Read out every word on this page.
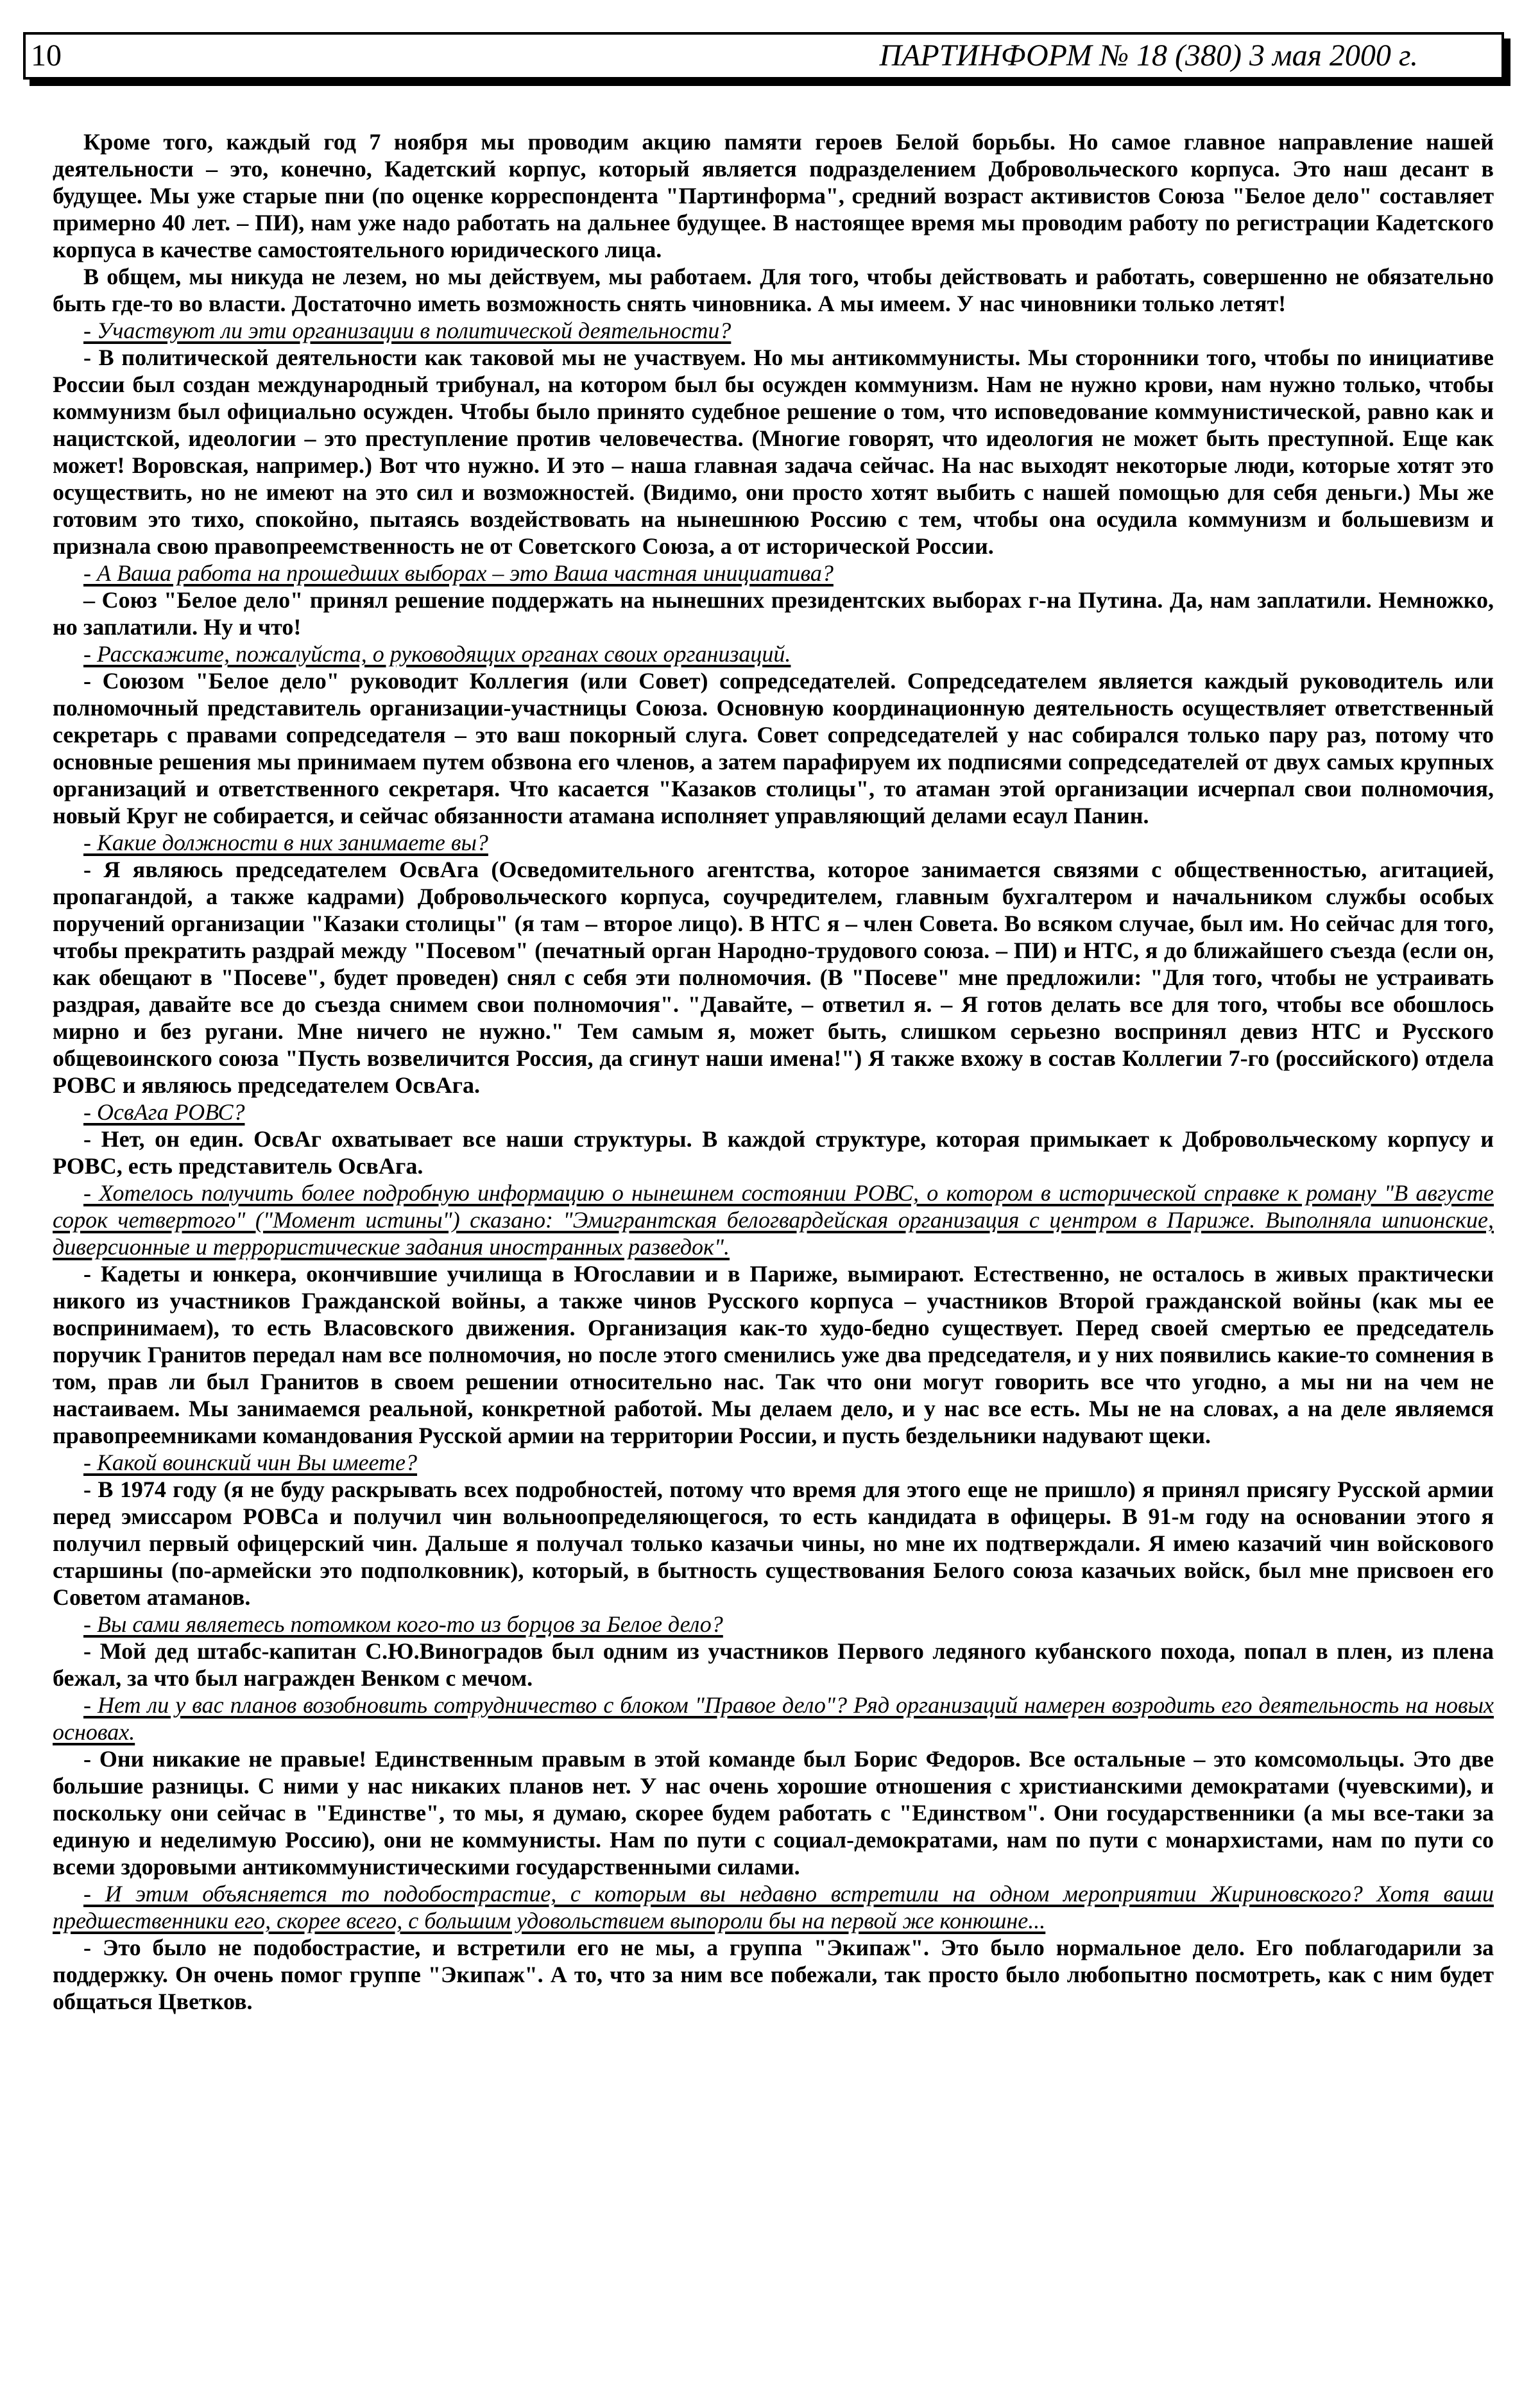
10	ПАРТИНФОРМ № 18 (380) 3 мая 2000 г.

Кроме того, каждый год 7 ноября мы проводим акцию памяти героев Белой борьбы. Но самое главное направление нашей деятельности – это, конечно, Кадетский корпус, который является подразделением Добровольческого корпуса. Это наш десант в будущее. Мы уже старые пни (по оценке корреспондента "Партинформа", средний возраст активистов Союза "Белое дело" составляет примерно 40 лет. – ПИ), нам уже надо работать на дальнее будущее. В настоящее время мы проводим работу по регистрации Кадетского корпуса в качестве самостоятельного юридического лица.

В общем, мы никуда не лезем, но мы действуем, мы работаем. Для того, чтобы действовать и работать, совершенно не обязательно быть где-то во власти. Достаточно иметь возможность снять чиновника. А мы имеем. У нас чиновники только летят!

- Участвуют ли эти организации в политической деятельности?

- В политической деятельности как таковой мы не участвуем. Но мы антикоммунисты. Мы сторонники того, чтобы по инициативе России был создан международный трибунал, на котором был бы осужден коммунизм. Нам не нужно крови, нам нужно только, чтобы коммунизм был официально осужден. Чтобы было принято судебное решение о том, что исповедование коммунистической, равно как и нацистской, идеологии – это преступление против человечества. (Многие говорят, что идеология не может быть преступной. Еще как может! Воровская, например.) Вот что нужно. И это – наша главная задача сейчас. На нас выходят некоторые люди, которые хотят это осуществить, но не имеют на это сил и возможностей. (Видимо, они просто хотят выбить с нашей помощью для себя деньги.) Мы же готовим это тихо, спокойно, пытаясь воздействовать на нынешнюю Россию с тем, чтобы она осудила коммунизм и большевизм и признала свою правопреемственность не от Советского Союза, а от исторической России.

- А Ваша работа на прошедших выборах – это Ваша частная инициатива?

– Союз "Белое дело" принял решение поддержать на нынешних президентских выборах г-на Путина. Да, нам заплатили. Немножко, но заплатили. Ну и что!

- Расскажите, пожалуйста, о руководящих органах своих организаций.

- Союзом "Белое дело" руководит Коллегия (или Совет) сопредседателей. Сопредседателем является каждый руководитель или полномочный представитель организации-участницы Союза. Основную координационную деятельность осуществляет ответственный секретарь с правами сопредседателя – это ваш покорный слуга. Совет сопредседателей у нас собирался только пару раз, потому что основные решения мы принимаем путем обзвона его членов, а затем парафируем их подписями сопредседателей от двух самых крупных организаций и ответственного секретаря. Что касается "Казаков столицы", то атаман этой организации исчерпал свои полномочия, новый Круг не собирается, и сейчас обязанности атамана исполняет управляющий делами есаул Панин.

- Какие должности в них занимаете вы?

- Я являюсь председателем ОсвАга (Осведомительного агентства, которое занимается связями с общественностью, агитацией, пропагандой, а также кадрами) Добровольческого корпуса, соучредителем, главным бухгалтером и начальником службы особых поручений организации "Казаки столицы" (я там – второе лицо). В НТС я – член Совета. Во всяком случае, был им. Но сейчас для того, чтобы прекратить раздрай между "Посевом" (печатный орган Народно-трудового союза. – ПИ) и НТС, я до ближайшего съезда (если он, как обещают в "Посеве", будет проведен) снял с себя эти полномочия. (В "Посеве" мне предложили: "Для того, чтобы не устраивать раздрая, давайте все до съезда снимем свои полномочия". "Давайте, – ответил я. – Я готов делать все для того, чтобы все обошлось мирно и без ругани. Мне ничего не нужно." Тем самым я, может быть, слишком серьезно воспринял девиз НТС и Русского общевоинского союза "Пусть возвеличится Россия, да сгинут наши имена!") Я также вхожу в состав Коллегии 7-го (российского) отдела РОВС и являюсь председателем ОсвАга.

- ОсвАга РОВС?

- Нет, он един. ОсвАг охватывает все наши структуры. В каждой структуре, которая примыкает к Добровольческому корпусу и РОВС, есть представитель ОсвАга.

- Хотелось получить более подробную информацию о нынешнем состоянии РОВС, о котором в исторической справке к роману "В августе сорок четвертого" ("Момент истины") сказано: "Эмигрантская белогвардейская организация с центром в Париже. Выполняла шпионские, диверсионные и террористические задания иностранных разведок".

- Кадеты и юнкера, окончившие училища в Югославии и в Париже, вымирают. Естественно, не осталось в живых практически никого из участников Гражданской войны, а также чинов Русского корпуса – участников Второй гражданской войны (как мы ее воспринимаем), то есть Власовского движения. Организация как-то худо-бедно существует. Перед своей смертью ее председатель поручик Гранитов передал нам все полномочия, но после этого сменились уже два председателя, и у них появились какие-то сомнения в том, прав ли был Гранитов в своем решении относительно нас. Так что они могут говорить все что угодно, а мы ни на чем не настаиваем. Мы занимаемся реальной, конкретной работой. Мы делаем дело, и у нас все есть. Мы не на словах, а на деле являемся правопреемниками командования Русской армии на территории России, и пусть бездельники надувают щеки.

- Какой воинский чин Вы имеете?

- В 1974 году (я не буду раскрывать всех подробностей, потому что время для этого еще не пришло) я принял присягу Русской армии перед эмиссаром РОВСа и получил чин вольноопределяющегося, то есть кандидата в офицеры. В 91-м году на основании этого я получил первый офицерский чин. Дальше я получал только казачьи чины, но мне их подтверждали. Я имею казачий чин войскового старшины (по-армейски это подполковник), который, в бытность существования Белого союза казачьих войск, был мне присвоен его Советом атаманов.

- Вы сами являетесь потомком кого-то из борцов за Белое дело?

- Мой дед штабс-капитан С.Ю.Виноградов был одним из участников Первого ледяного кубанского похода, попал в плен, из плена бежал, за что был награжден Венком с мечом.

- Нет ли у вас планов возобновить сотрудничество с блоком "Правое дело"? Ряд организаций намерен возродить его деятельность на новых основах.

- Они никакие не правые! Единственным правым в этой команде был Борис Федоров. Все остальные – это комсомольцы. Это две большие разницы. С ними у нас никаких планов нет. У нас очень хорошие отношения с христианскими демократами (чуевскими), и поскольку они сейчас в "Единстве", то мы, я думаю, скорее будем работать с "Единством". Они государственники (а мы все-таки за единую и неделимую Россию), они не коммунисты. Нам по пути с социал-демократами, нам по пути с монархистами, нам по пути со всеми здоровыми антикоммунистическими государственными силами.

- И этим объясняется то подобострастие, с которым вы недавно встретили на одном мероприятии Жириновского? Хотя ваши предшественники его, скорее всего, с большим удовольствием выпороли бы на первой же конюшне...

- Это было не подобострастие, и встретили его не мы, а группа "Экипаж". Это было нормальное дело. Его поблагодарили за поддержку. Он очень помог группе "Экипаж". А то, что за ним все побежали, так просто было любопытно посмотреть, как с ним будет общаться Цветков.
